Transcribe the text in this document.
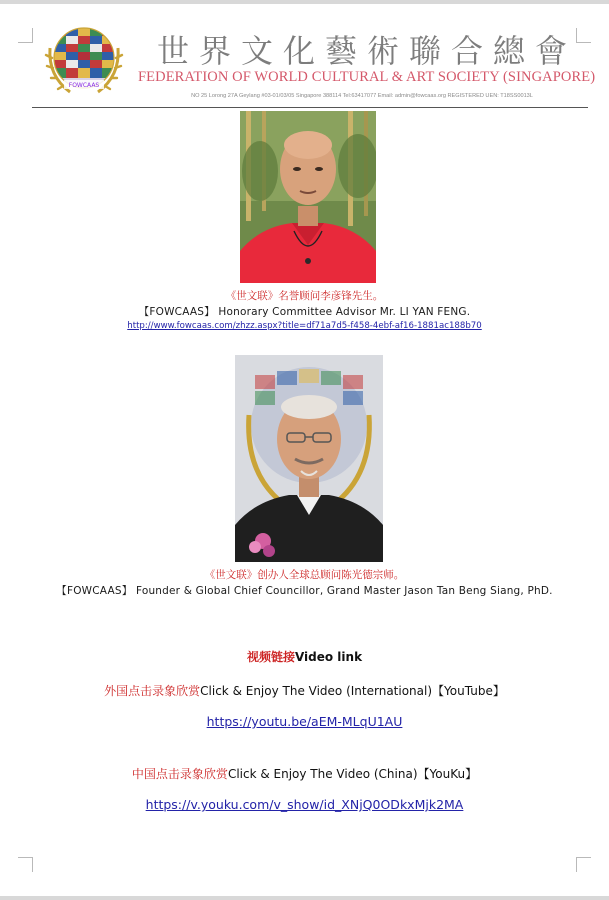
FOWCAAS
世界文化藝術聯合總會
FEDERATION OF WORLD CULTURAL & ART SOCIETY (SINGAPORE)
NO 25 Lorong 27A Geylang #03-01/03/05 Singapore 388114 Tel:63417077 Email: admin@fowcaas.org REGISTERED UEN: T18SS0013L
《世文联》名誉顾问李彦锋先生。
【FOWCAAS】 Honorary Committee Advisor Mr. LI YAN FENG.
http://www.fowcaas.com/zhzz.aspx?title=df71a7d5-f458-4ebf-af16-1881ac188b70
《世文联》创办人全球总顾问陈光德宗师。
【FOWCAAS】 Founder & Global Chief Councillor, Grand Master Jason Tan Beng Siang, PhD.
视频链接Video link
外国点击录象欣赏Click & Enjoy The Video (International)【YouTube】
https://youtu.be/aEM-MLqU1AU
中国点击录象欣赏Click & Enjoy The Video (China)【YouKu】
https://v.youku.com/v_show/id_XNjQ0ODkxMjk2MA
